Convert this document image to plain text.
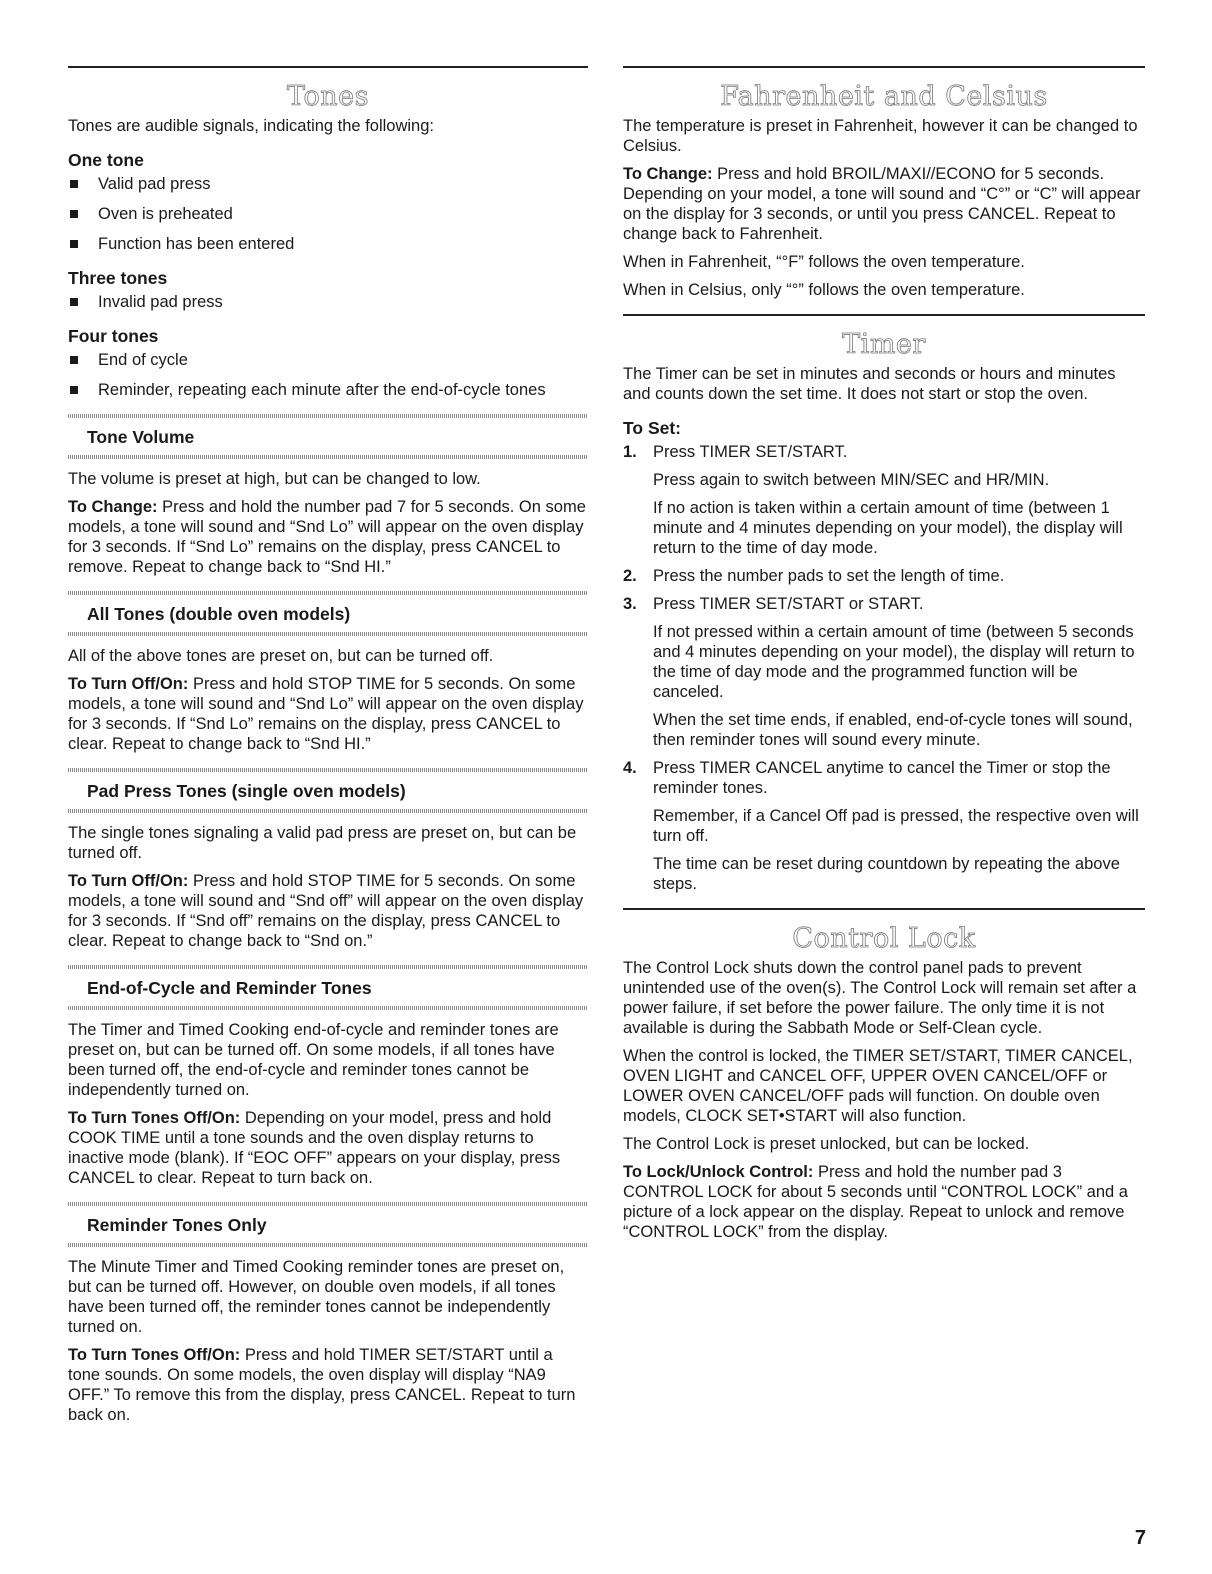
Tones

Tones are audible signals, indicating the following:

One tone
Valid pad press
Oven is preheated
Function has been entered
Three tones
Invalid pad press
Four tones
End of cycle
Reminder, repeating each minute after the end-of-cycle tones
Tone Volume

The volume is preset at high, but can be changed to low.

To Change: Press and hold the number pad 7 for 5 seconds. On some models, a tone will sound and “Snd Lo” will appear on the oven display for 3 seconds. If “Snd Lo” remains on the display, press CANCEL to remove. Repeat to change back to “Snd HI.”

All Tones (double oven models)

All of the above tones are preset on, but can be turned off.

To Turn Off/On: Press and hold STOP TIME for 5 seconds. On some models, a tone will sound and “Snd Lo” will appear on the oven display for 3 seconds. If “Snd Lo” remains on the display, press CANCEL to clear. Repeat to change back to “Snd HI.”

Pad Press Tones (single oven models)

The single tones signaling a valid pad press are preset on, but can be turned off.

To Turn Off/On: Press and hold STOP TIME for 5 seconds. On some models, a tone will sound and “Snd off” will appear on the oven display for 3 seconds. If “Snd off” remains on the display, press CANCEL to clear. Repeat to change back to “Snd on.”

End-of-Cycle and Reminder Tones

The Timer and Timed Cooking end-of-cycle and reminder tones are preset on, but can be turned off. On some models, if all tones have been turned off, the end-of-cycle and reminder tones cannot be independently turned on.

To Turn Tones Off/On: Depending on your model, press and hold COOK TIME until a tone sounds and the oven display returns to inactive mode (blank). If “EOC OFF” appears on your display, press CANCEL to clear. Repeat to turn back on.

Reminder Tones Only

The Minute Timer and Timed Cooking reminder tones are preset on, but can be turned off. However, on double oven models, if all tones have been turned off, the reminder tones cannot be independently turned on.

To Turn Tones Off/On: Press and hold TIMER SET/START until a tone sounds. On some models, the oven display will display “NA9 OFF.” To remove this from the display, press CANCEL. Repeat to turn back on.

Fahrenheit and Celsius

The temperature is preset in Fahrenheit, however it can be changed to Celsius.

To Change: Press and hold BROIL/MAXI//ECONO for 5 seconds. Depending on your model, a tone will sound and “C°” or “C” will appear on the display for 3 seconds, or until you press CANCEL. Repeat to change back to Fahrenheit.

When in Fahrenheit, “°F” follows the oven temperature.

When in Celsius, only “°” follows the oven temperature.

Timer

The Timer can be set in minutes and seconds or hours and minutes and counts down the set time. It does not start or stop the oven.

To Set:
1. Press TIMER SET/START.

Press again to switch between MIN/SEC and HR/MIN.

If no action is taken within a certain amount of time (between 1 minute and 4 minutes depending on your model), the display will return to the time of day mode.

2. Press the number pads to set the length of time.

3. Press TIMER SET/START or START.

If not pressed within a certain amount of time (between 5 seconds and 4 minutes depending on your model), the display will return to the time of day mode and the programmed function will be canceled.

When the set time ends, if enabled, end-of-cycle tones will sound, then reminder tones will sound every minute.

4. Press TIMER CANCEL anytime to cancel the Timer or stop the reminder tones.

Remember, if a Cancel Off pad is pressed, the respective oven will turn off.

The time can be reset during countdown by repeating the above steps.

Control Lock

The Control Lock shuts down the control panel pads to prevent unintended use of the oven(s). The Control Lock will remain set after a power failure, if set before the power failure. The only time it is not available is during the Sabbath Mode or Self-Clean cycle.

When the control is locked, the TIMER SET/START, TIMER CANCEL, OVEN LIGHT and CANCEL OFF, UPPER OVEN CANCEL/OFF or LOWER OVEN CANCEL/OFF pads will function. On double oven models, CLOCK SET•START will also function.

The Control Lock is preset unlocked, but can be locked.

To Lock/Unlock Control: Press and hold the number pad 3 CONTROL LOCK for about 5 seconds until “CONTROL LOCK” and a picture of a lock appear on the display. Repeat to unlock and remove “CONTROL LOCK” from the display.

7
